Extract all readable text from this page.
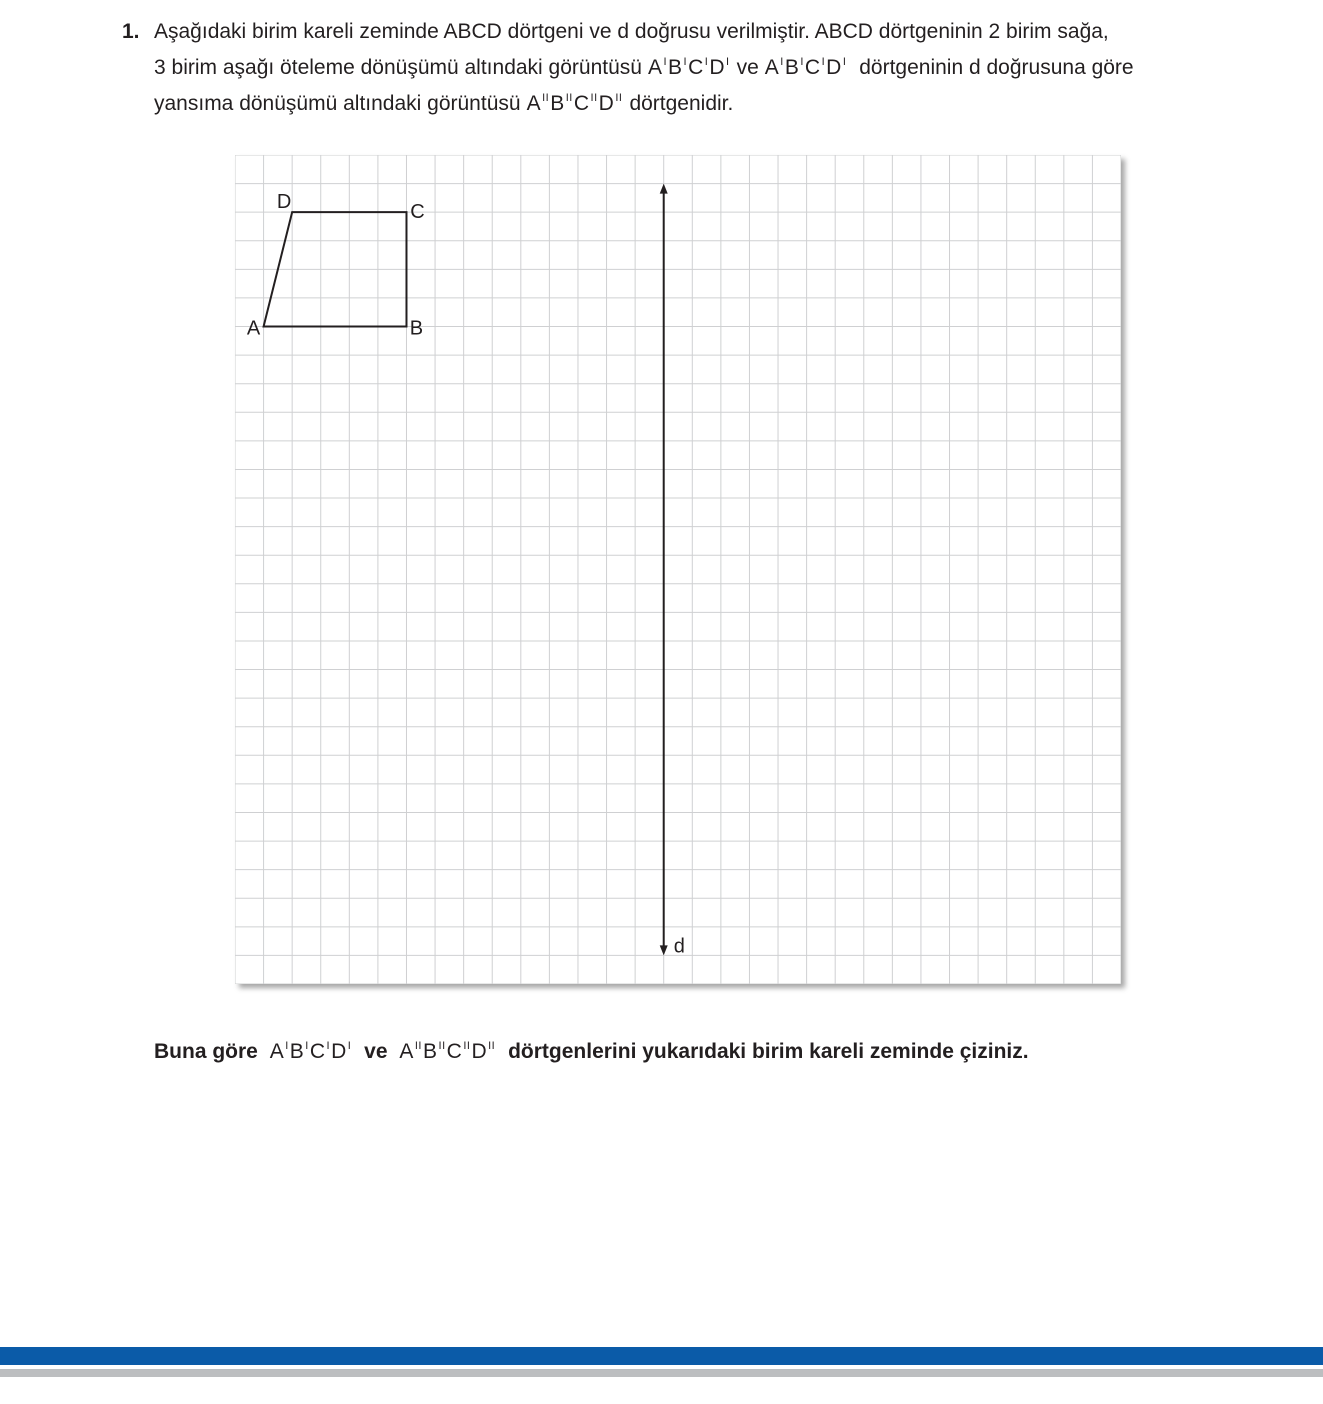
1. Aşağıdaki birim kareli zeminde ABCD dörtgeni ve d doğrusu verilmiştir. ABCD dörtgeninin 2 birim sağa,
3 birim aşağı öteleme dönüşümü altındaki görüntüsü $A^IB^IC^ID^I$ ve $A^IB^IC^ID^I$ dörtgeninin d doğrusuna göre
yansıma dönüşümü altındaki görüntüsü $A^{II}B^{II}C^{II}D^{II}$ dörtgenidir.
A	B
C
D
d
Buna göre $A^IB^IC^ID^I$ ve $A^{II}B^{II}C^{II}D^{II}$ dörtgenlerini yukarıdaki birim kareli zeminde çiziniz.
